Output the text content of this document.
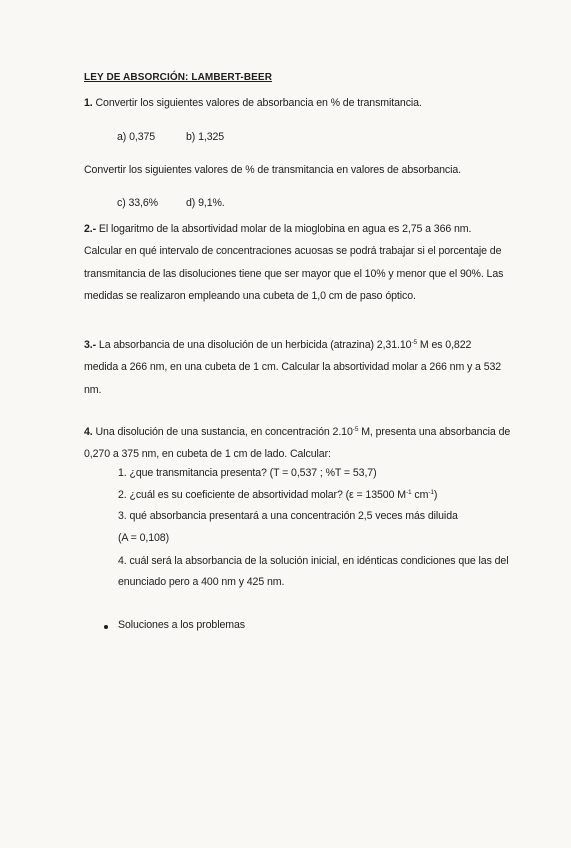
LEY DE ABSORCIÓN: LAMBERT-BEER
1. Convertir los siguientes valores de absorbancia en % de transmitancia.
a) 0,375	b) 1,325
Convertir los siguientes valores de % de transmitancia en valores de absorbancia.
c) 33,6%	d) 9,1%.
2.- El logaritmo de la absortividad molar de la mioglobina en agua es 2,75 a 366 nm.
Calcular en qué intervalo de concentraciones acuosas se podrá trabajar si el porcentaje de
transmitancia de las disoluciones tiene que ser mayor que el 10% y menor que el 90%. Las
medidas se realizaron empleando una cubeta de 1,0 cm de paso óptico.
3.- La absorbancia de una disolución de un herbicida (atrazina) $2,31.10^{-5}$ M es 0,822
medida a 266 nm, en una cubeta de 1 cm. Calcular la absortividad molar a 266 nm y a 532
nm.
4. Una disolución de una sustancia, en concentración $2.10^{-5}$ M, presenta una absorbancia de
0,270 a 375 nm, en cubeta de 1 cm de lado. Calcular:
1. ¿que transmitancia presenta? (T = 0,537 ; %T = 53,7)
2. ¿cuál es su coeficiente de absortividad molar? (ε = 13500 $M^{-1}$ $cm^{-1}$)
3. qué absorbancia presentará a una concentración 2,5 veces más diluida
(A = 0,108)
4. cuál será la absorbancia de la solución inicial, en idénticas condiciones que las del
enunciado pero a 400 nm y 425 nm.
Soluciones a los problemas
